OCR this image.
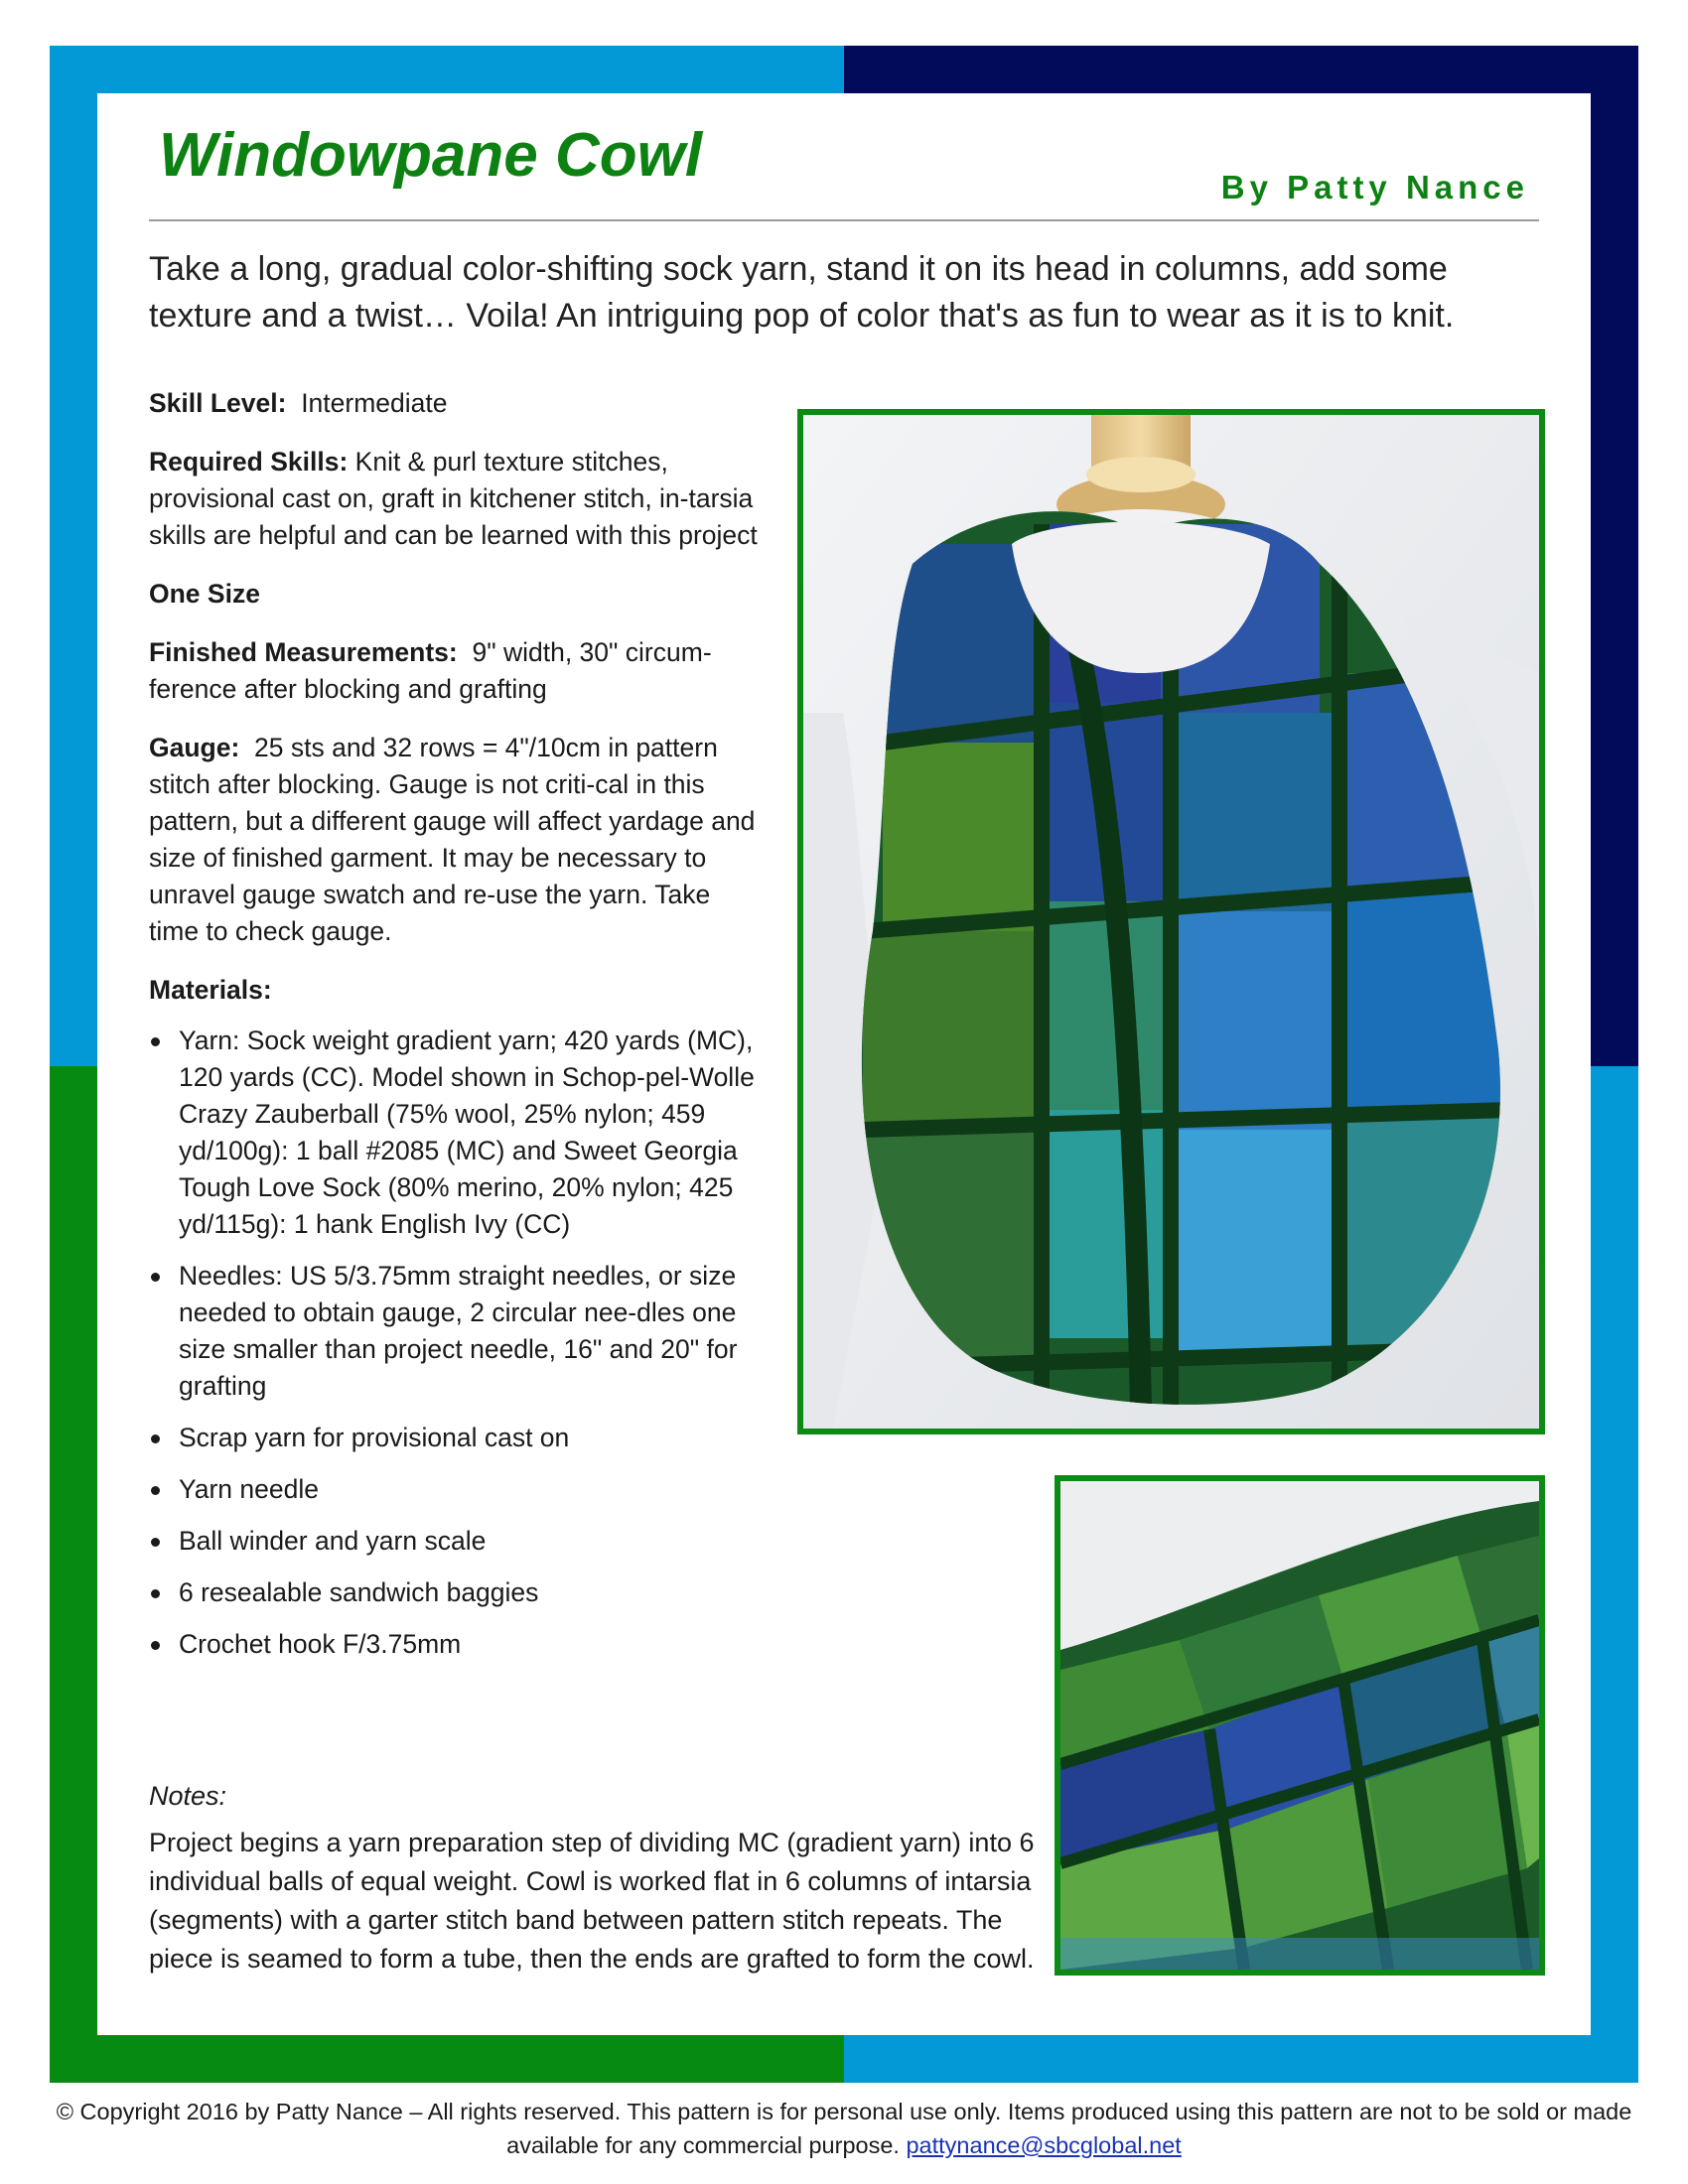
Windowpane Cowl	By Patty Nance

Take a long, gradual color-shifting sock yarn, stand it on its head in columns, add some texture and a twist… Voila! An intriguing pop of color that's as fun to wear as it is to knit.

Skill Level: Intermediate

Required Skills: Knit & purl texture stitches, provisional cast on, graft in kitchener stitch, in-tarsia skills are helpful and can be learned with this project

One Size

Finished Measurements: 9" width, 30" circum-ference after blocking and grafting

Gauge: 25 sts and 32 rows = 4"/10cm in pattern stitch after blocking. Gauge is not criti-cal in this pattern, but a different gauge will affect yardage and size of finished garment. It may be necessary to unravel gauge swatch and re-use the yarn. Take time to check gauge.

Materials:
Yarn: Sock weight gradient yarn; 420 yards (MC), 120 yards (CC). Model shown in Schop-pel-Wolle Crazy Zauberball (75% wool, 25% nylon; 459 yd/100g): 1 ball #2085 (MC) and Sweet Georgia Tough Love Sock (80% merino, 20% nylon; 425 yd/115g): 1 hank English Ivy (CC)
Needles: US 5/3.75mm straight needles, or size needed to obtain gauge, 2 circular nee-dles one size smaller than project needle, 16" and 20" for grafting
Scrap yarn for provisional cast on
Yarn needle
Ball winder and yarn scale
6 resealable sandwich baggies
Crochet hook F/3.75mm
Notes:

Project begins a yarn preparation step of dividing MC (gradient yarn) into 6 individual balls of equal weight. Cowl is worked flat in 6 columns of intarsia (segments) with a garter stitch band between pattern stitch repeats. The piece is seamed to form a tube, then the ends are grafted to form the cowl.

© Copyright 2016 by Patty Nance – All rights reserved. This pattern is for personal use only. Items produced using this pattern are not to be sold or made available for any commercial purpose. pattynance@sbcglobal.net
